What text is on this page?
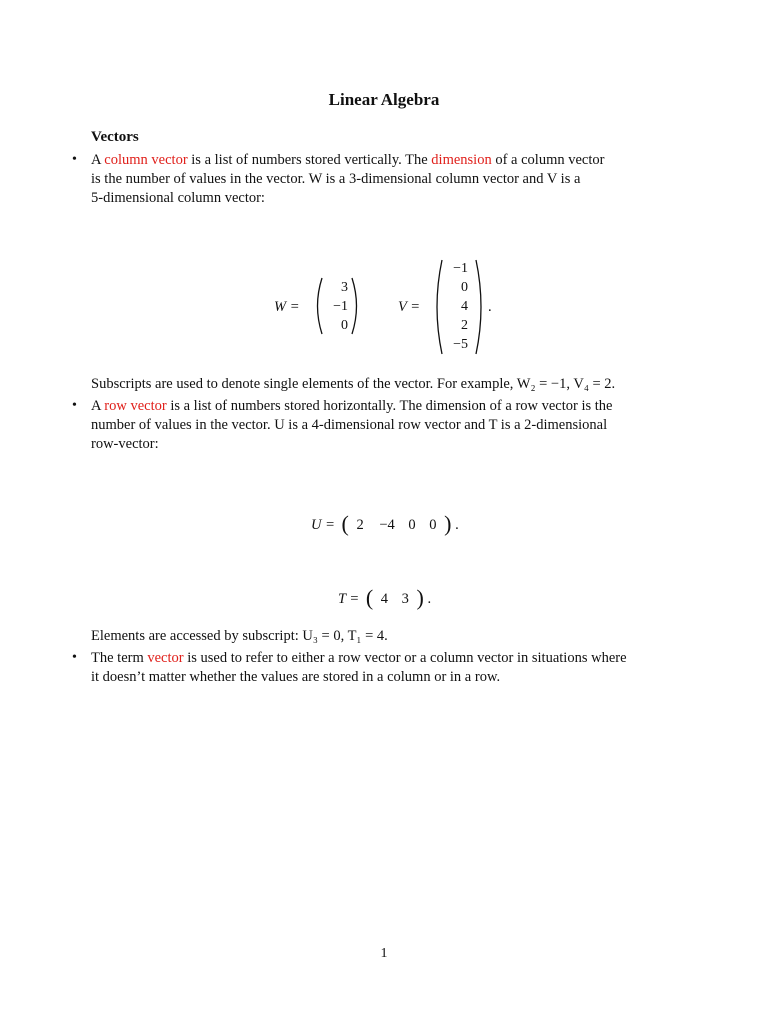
Linear Algebra
Vectors
• A column vector is a list of numbers stored vertically. The dimension of a column vector
is the number of values in the vector. W is a 3-dimensional column vector and V is a
5-dimensional column vector:
W =
3
−1
0
V =
−1
0
4
2
−5
.
Subscripts are used to denote single elements of the vector. For example, W₂ = −1, V₄ = 2.
• A row vector is a list of numbers stored horizontally. The dimension of a row vector is the
number of values in the vector. U is a 4-dimensional row vector and T is a 2-dimensional
row-vector:
U = ( 2 −4 0 0 ) .
T = ( 4 3 ) .
Elements are accessed by subscript: U₃ = 0, T₁ = 4.
• The term vector is used to refer to either a row vector or a column vector in situations where
it doesn’t matter whether the values are stored in a column or in a row.
1
